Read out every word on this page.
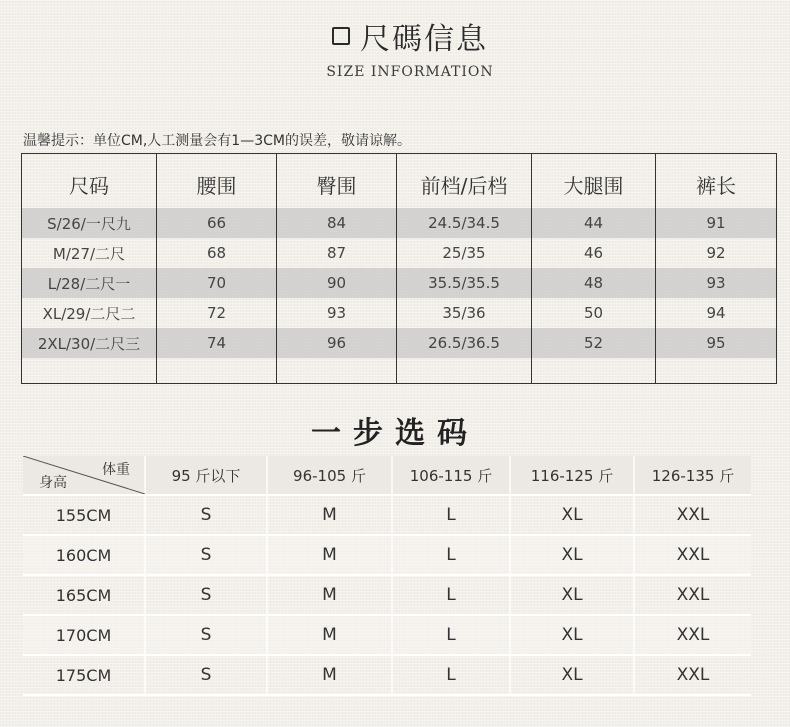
尺碼信息
SIZE INFORMATION
温馨提示：单位CM,人工测量会有1—3CM的误差，敬请谅解。
尺码	腰围	臀围	前档/后档	大腿围	裤长
S/26/一尺九	66	84	24.5/34.5	44	91
M/27/二尺	68	87	25/35	46	92
L/28/二尺一	70	90	35.5/35.5	48	93
XL/29/二尺二	72	93	35/36	50	94
2XL/30/二尺三	74	96	26.5/36.5	52	95

一步选码
体重
身高	95 斤以下	96-105 斤	106-115 斤	116-125 斤	126-135 斤
155CM	S	M	L	XL	XXL
160CM	S	M	L	XL	XXL
165CM	S	M	L	XL	XXL
170CM	S	M	L	XL	XXL
175CM	S	M	L	XL	XXL
